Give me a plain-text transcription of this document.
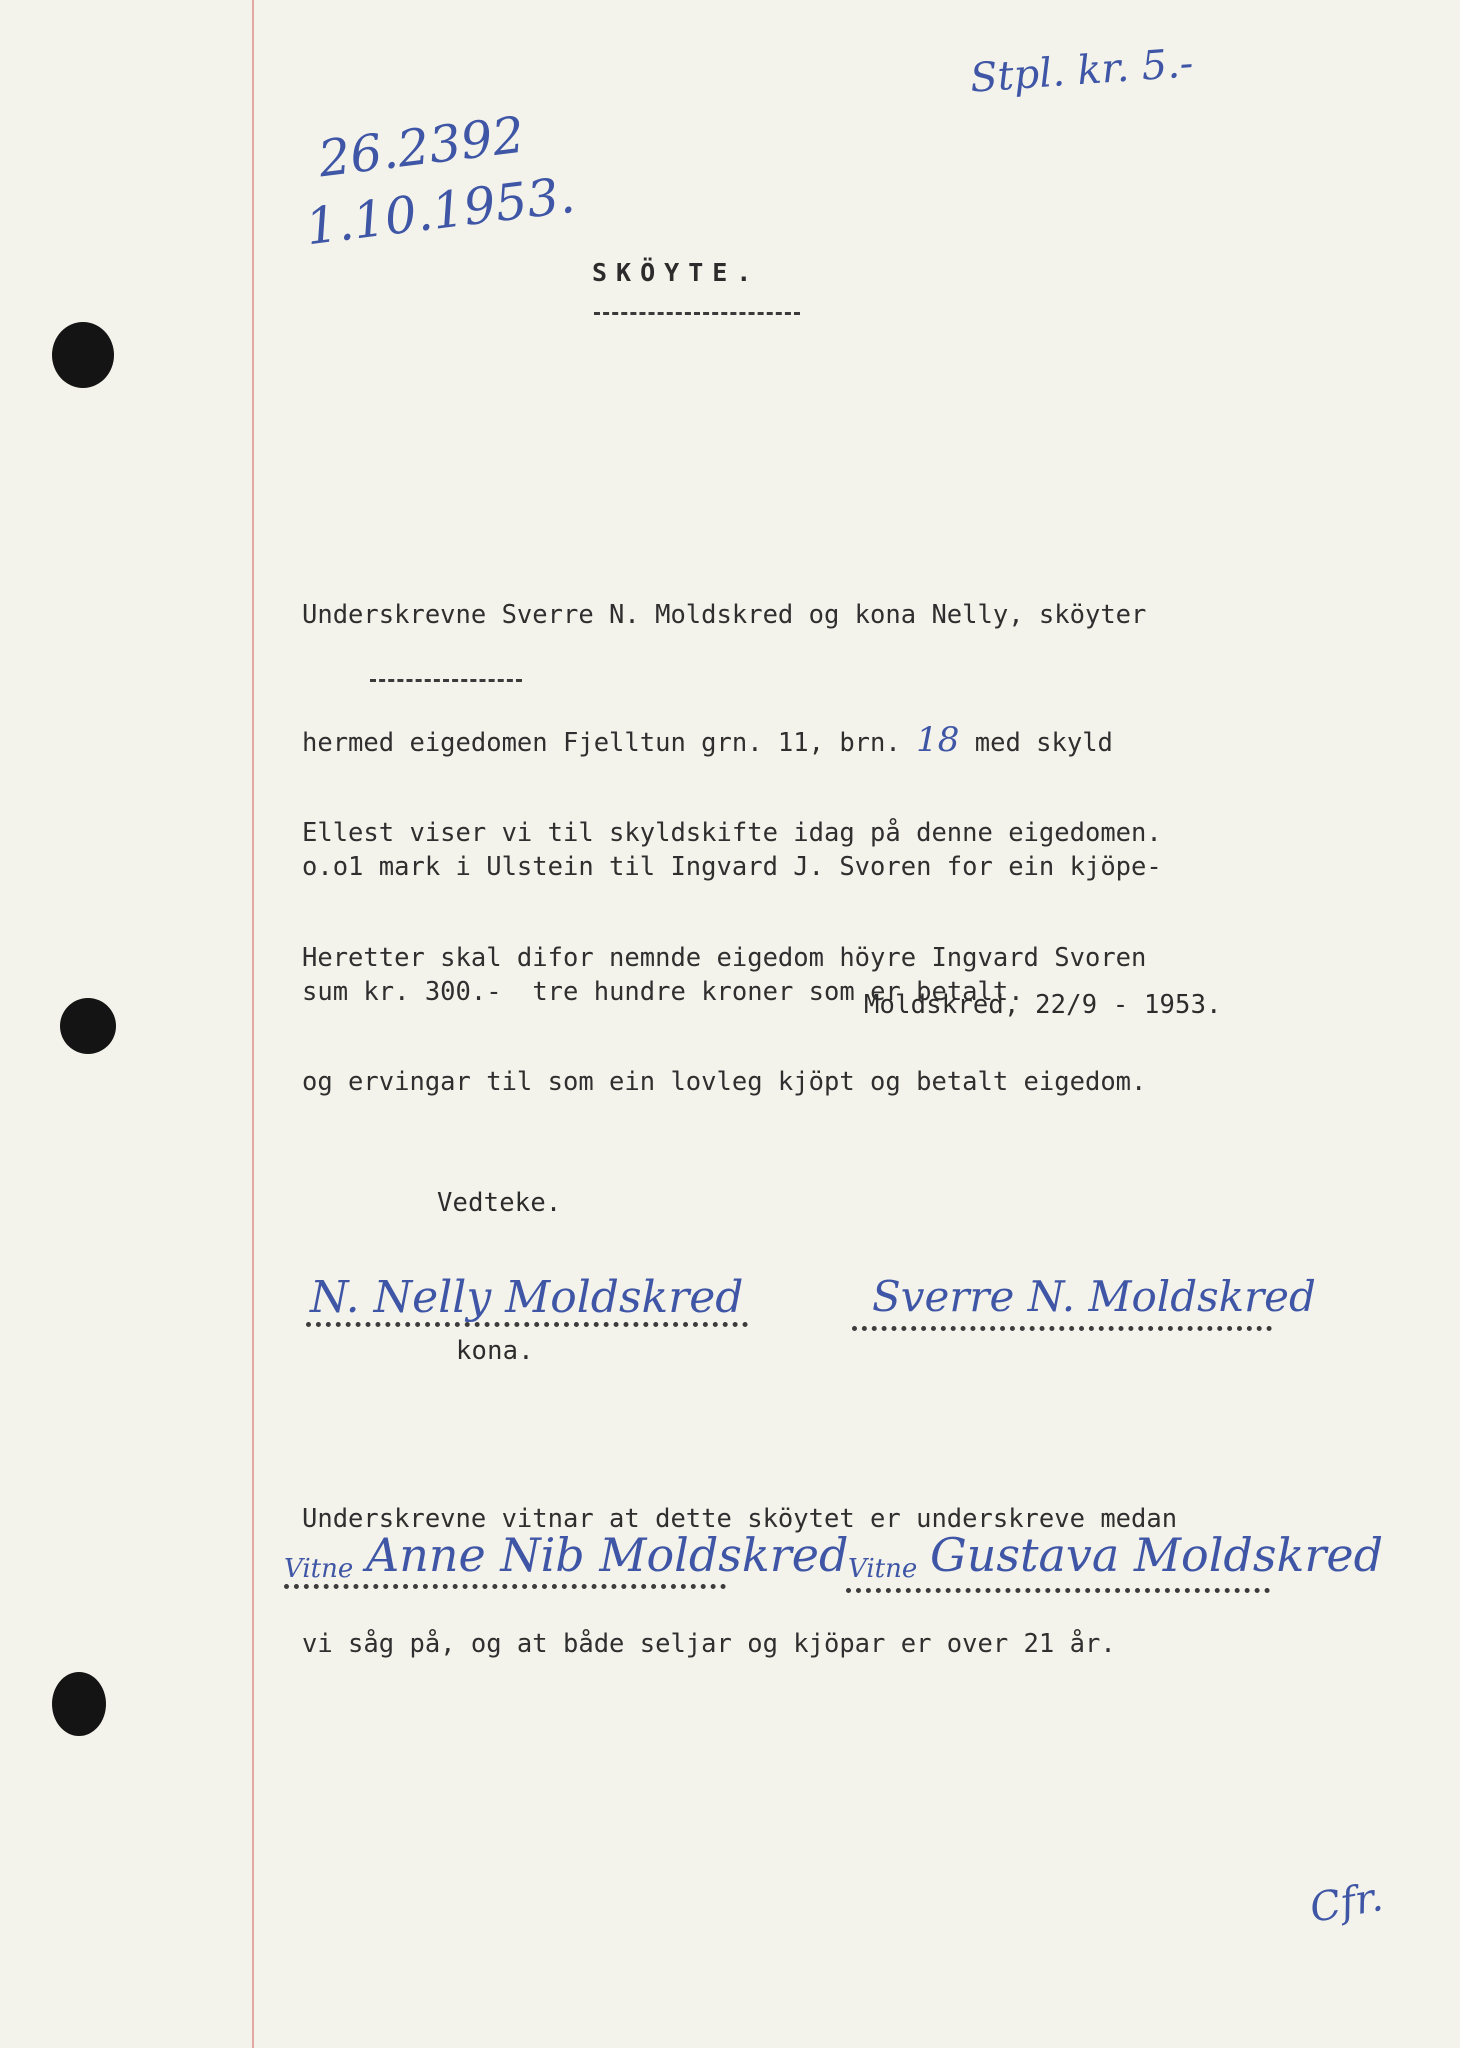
26.2392
1.10.1953.
Stpl. kr. 5.-
SKÖYTE.

Underskrevne Sverre N. Moldskred og kona Nelly, sköyter

hermed eigedomen Fjelltun grn. 11, brn. 18 med skyld

o.o1 mark i Ulstein til Ingvard J. Svoren for ein kjöpe-

sum kr. 300.- tre hundre kroner som er betalt.

Ellest viser vi til skyldskifte idag på denne eigedomen.

Heretter skal difor nemnde eigedom höyre Ingvard Svoren

og ervingar til som ein lovleg kjöpt og betalt eigedom.

Moldskred, 22/9 - 1953.
Vedteke.
N. Nelly Moldskred
kona.
Sverre N. Moldskred

Underskrevne vitnar at dette sköytet er underskreve medan

vi såg på, og at både seljar og kjöpar er over 21 år.

Vitne Anne Nib Moldskred Vitne Gustava Moldskred
Cfr.
